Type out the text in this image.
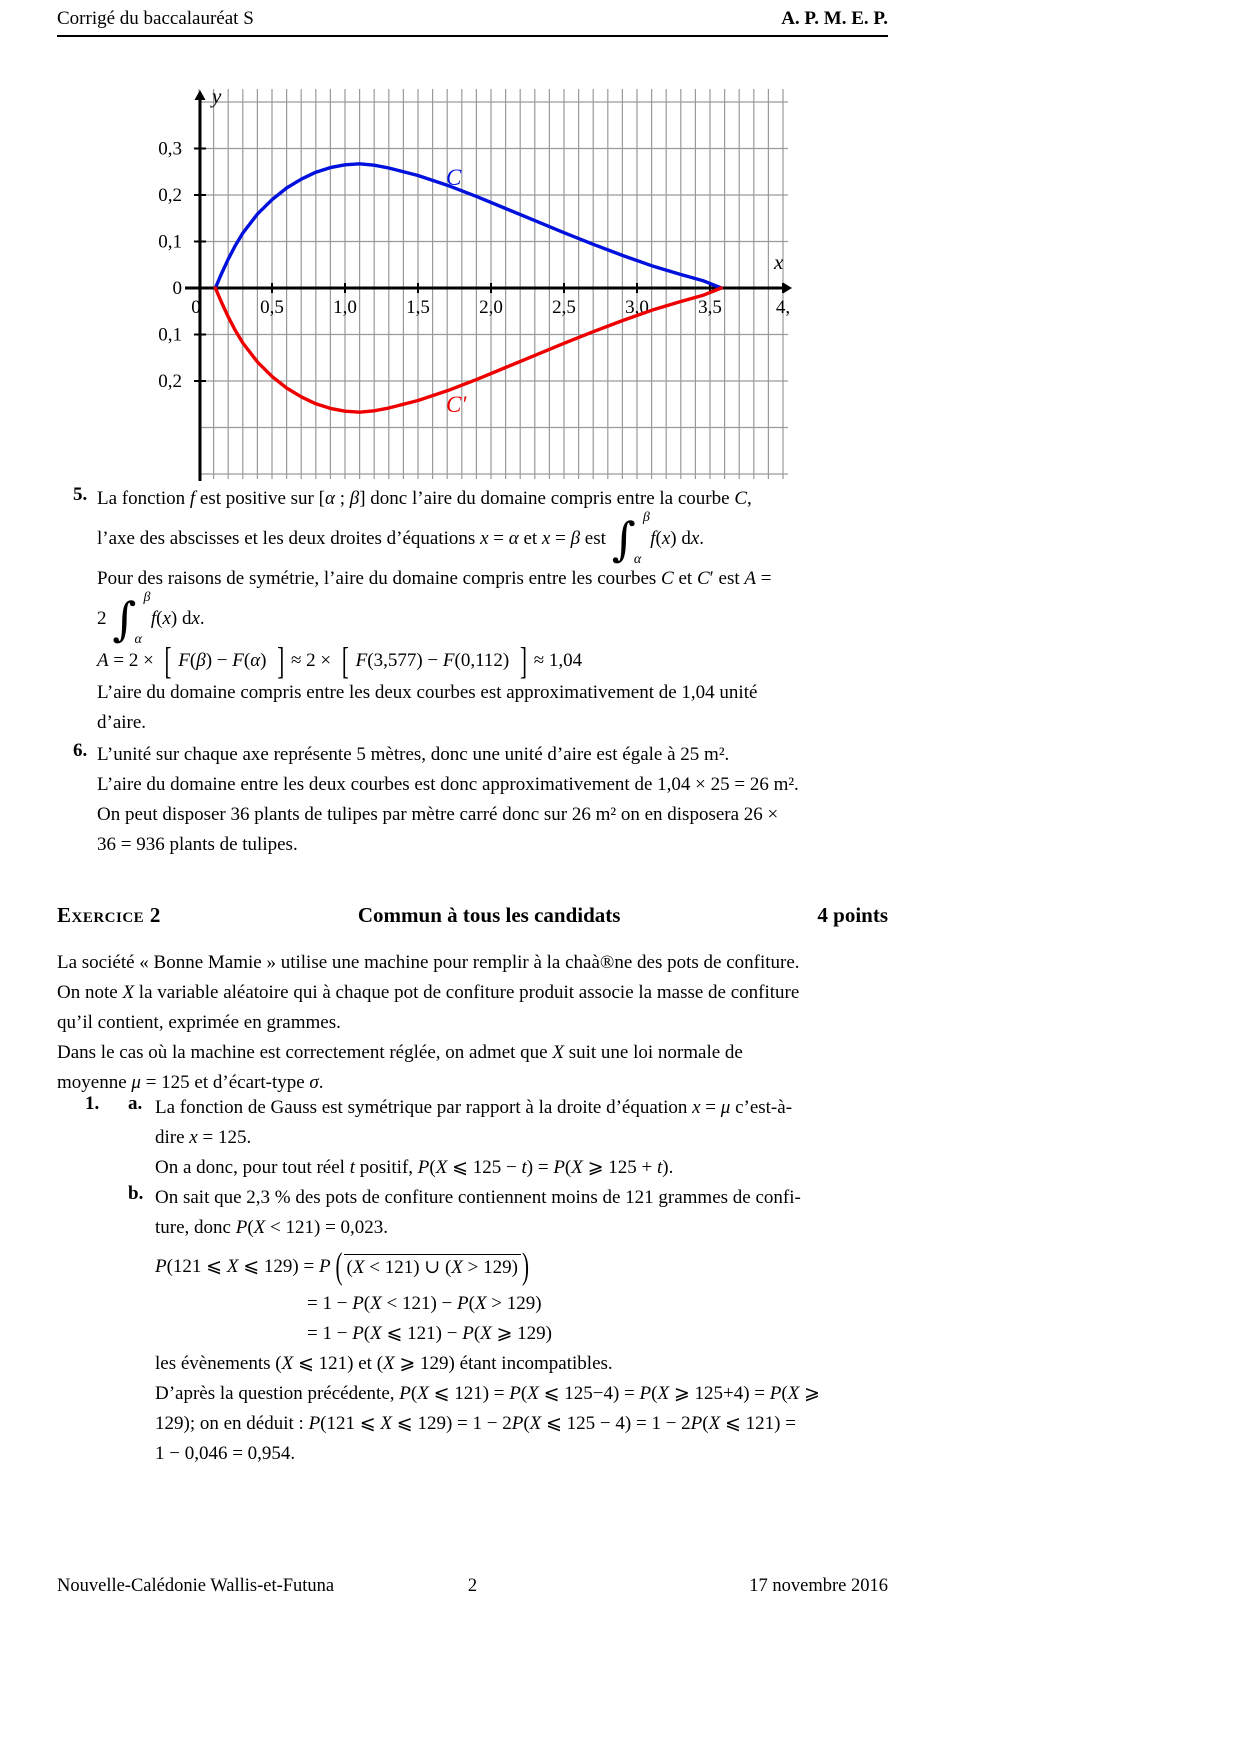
Corrigé du baccalauréat S	A. P. M. E. P.
0,5	1,0	1,5	2,0	2,5	3,0	3,5	4,
0
0,3
0,2
0,1
0,1
0,2
0
y
x
C
C′
5. La fonction f est positive sur [α ; β] donc l’aire du domaine compris entre la courbe C,
l’axe des abscisses et les deux droites d’équations x = α et x = β est ∫ β
α
f(x) dx.
Pour des raisons de symétrie, l’aire du domaine compris entre les courbes C et C′ est A =
2 ∫ β
α
f(x) dx.
A = 2 × [ F(β) − F(α) ] ≈ 2 × [ F(3,577) − F(0,112) ] ≈ 1,04
L’aire du domaine compris entre les deux courbes est approximativement de 1,04 unité
d’aire.
6. L’unité sur chaque axe représente 5 mètres, donc une unité d’aire est égale à 25 m².
L’aire du domaine entre les deux courbes est donc approximativement de 1,04 × 25 = 26 m².
On peut disposer 36 plants de tulipes par mètre carré donc sur 26 m² on en disposera 26 ×
36 = 936 plants de tulipes.
Exercice 2	Commun à tous les candidats	4 points
La société « Bonne Mamie » utilise une machine pour remplir à la chaà®ne des pots de confiture.
On note X la variable aléatoire qui à chaque pot de confiture produit associe la masse de confiture
qu’il contient, exprimée en grammes.
Dans le cas où la machine est correctement réglée, on admet que X suit une loi normale de
moyenne μ = 125 et d’écart-type σ.
1. a. La fonction de Gauss est symétrique par rapport à la droite d’équation x = μ c’est-à-
dire x = 125.
On a donc, pour tout réel t positif, P(X ⩽ 125 − t) = P(X ⩾ 125 + t).
b. On sait que 2,3 % des pots de confiture contiennent moins de 121 grammes de confi-
ture, donc P(X < 121) = 0,023.
P(121 ⩽ X ⩽ 129) = P ( (X < 121) ∪ (X > 129) )
= 1 − P(X < 121) − P(X > 129)
= 1 − P(X ⩽ 121) − P(X ⩾ 129)
les évènements (X ⩽ 121) et (X ⩾ 129) étant incompatibles.
D’après la question précédente, P(X ⩽ 121) = P(X ⩽ 125−4) = P(X ⩾ 125+4) = P(X ⩾
129); on en déduit : P(121 ⩽ X ⩽ 129) = 1 − 2P(X ⩽ 125 − 4) = 1 − 2P(X ⩽ 121) =
1 − 0,046 = 0,954.
Nouvelle-Calédonie Wallis-et-Futuna	2	17 novembre 2016
